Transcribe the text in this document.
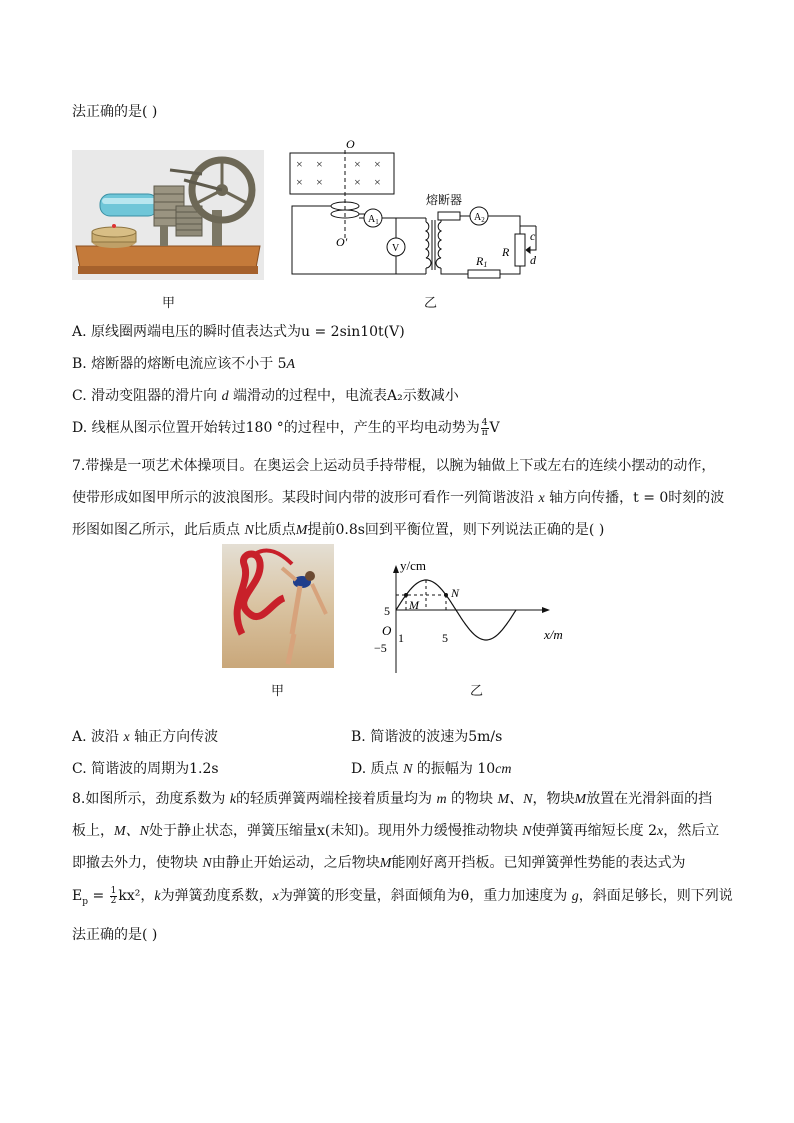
法正确的是( )
甲
× ×	× ×
× ×	× ×
O
O′
$A_1$
V
熔断器
$A_2$
R
c
d
R1
乙
A. 原线圈两端电压的瞬时值表达式为u = 2sin10t(V)
B. 熔断器的熔断电流应该不小于 5A
C. 滑动变阻器的滑片向 d 端滑动的过程中，电流表A₂示数减小
D. 线框从图示位置开始转过180 °的过程中，产生的平均电动势为 $\frac{4}{\pi}$ V
7.带操是一项艺术体操项目。在奥运会上运动员手持带棍，以腕为轴做上下或左右的连续小摆动的动作，
使带形成如图甲所示的波浪图形。某段时间内带的波形可看作一列简谐波沿 x 轴方向传播，t = 0时刻的波
形图如图乙所示，此后质点 N比质点M提前0.8s回到平衡位置，则下列说法正确的是( )
甲
y/cm
x/m
O
5
−5
1	5
M
N
乙
A. 波沿 x 轴正方向传波	B. 简谐波的波速为5m/s
C. 简谐波的周期为1.2s	D. 质点 N 的振幅为 10cm
8.如图所示，劲度系数为 k的轻质弹簧两端栓接着质量均为 m 的物块 M、N，物块M放置在光滑斜面的挡
板上，M、N处于静止状态，弹簧压缩量x(未知)。现用外力缓慢推动物块 N使弹簧再缩短长度 2x，然后立
即撤去外力，使物块 N由静止开始运动，之后物块M能刚好离开挡板。已知弹簧弹性势能的表达式为
$E_p = \frac{1}{2} kx^2$，k为弹簧劲度系数，x为弹簧的形变量，斜面倾角为θ，重力加速度为 g，斜面足够长，则下列说
法正确的是( )
